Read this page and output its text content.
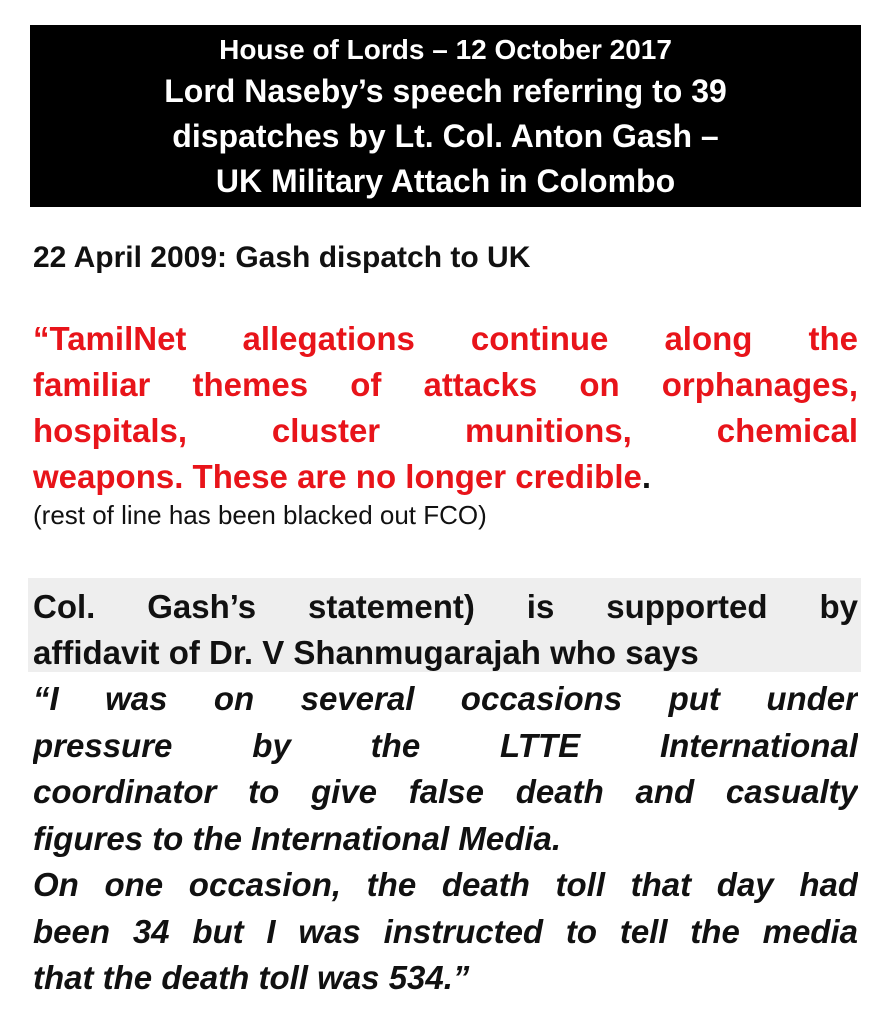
House of Lords – 12 October 2017
Lord Naseby’s speech referring to 39
dispatches by Lt. Col. Anton Gash –
UK Military Attach in Colombo
22 April 2009: Gash dispatch to UK
“TamilNet allegations continue along the
familiar themes of attacks on orphanages,
hospitals, cluster munitions, chemical
weapons. These are no longer credible.
(rest of line has been blacked out FCO)
Col. Gash’s statement) is supported by
affidavit of Dr. V Shanmugarajah who says
“I was on several occasions put under
pressure by the LTTE International
coordinator to give false death and casualty
figures to the International Media.
On one occasion, the death toll that day had
been 34 but I was instructed to tell the media
that the death toll was 534.”
